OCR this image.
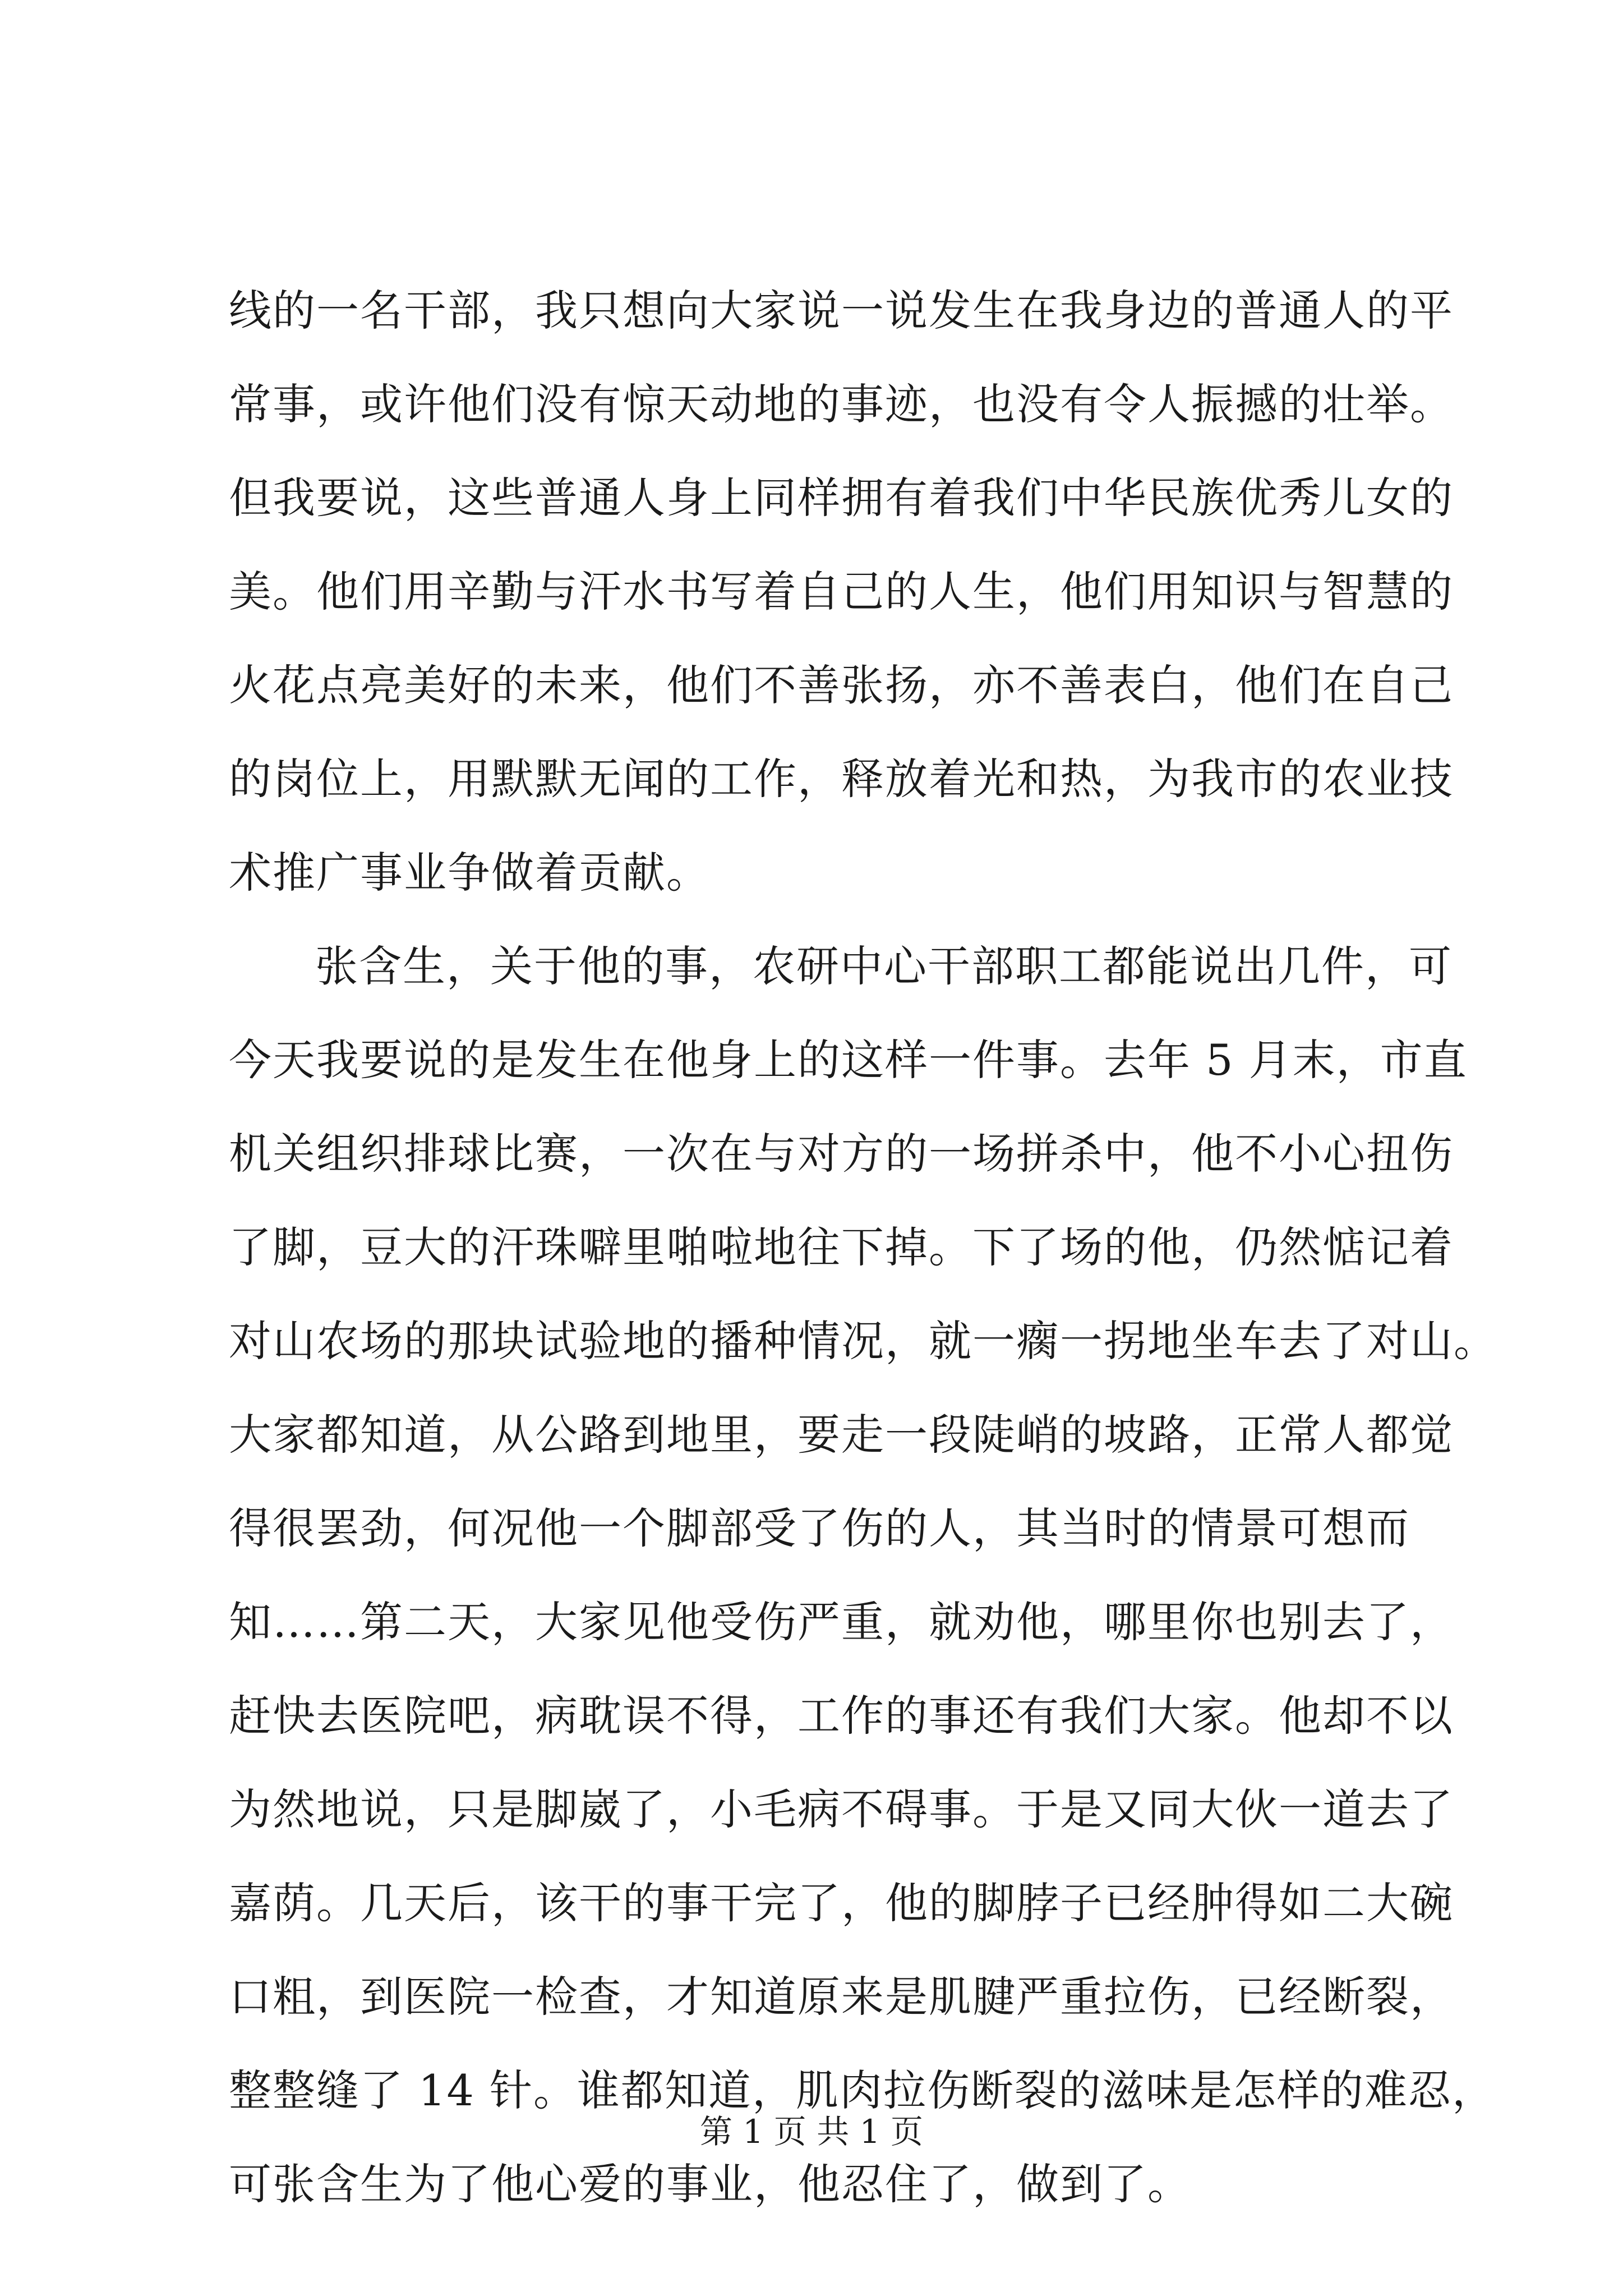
线的一名干部，我只想向大家说一说发生在我身边的普通人的平
常事，或许他们没有惊天动地的事迹，也没有令人振撼的壮举。
但我要说，这些普通人身上同样拥有着我们中华民族优秀儿女的
美。他们用辛勤与汗水书写着自己的人生，他们用知识与智慧的
火花点亮美好的未来，他们不善张扬，亦不善表白，他们在自己
的岗位上，用默默无闻的工作，释放着光和热，为我市的农业技
术推广事业争做着贡献。
张含生，关于他的事，农研中心干部职工都能说出几件，可
今天我要说的是发生在他身上的这样一件事。去年 5 月末，市直
机关组织排球比赛，一次在与对方的一场拼杀中，他不小心扭伤
了脚，豆大的汗珠噼里啪啦地往下掉。下了场的他，仍然惦记着
对山农场的那块试验地的播种情况，就一瘸一拐地坐车去了对山。
大家都知道，从公路到地里，要走一段陡峭的坡路，正常人都觉
得很罢劲，何况他一个脚部受了伤的人，其当时的情景可想而
知……第二天，大家见他受伤严重，就劝他，哪里你也别去了，
赶快去医院吧，病耽误不得，工作的事还有我们大家。他却不以
为然地说，只是脚崴了，小毛病不碍事。于是又同大伙一道去了
嘉荫。几天后，该干的事干完了，他的脚脖子已经肿得如二大碗
口粗，到医院一检查，才知道原来是肌腱严重拉伤，已经断裂，
整整缝了 14 针。谁都知道，肌肉拉伤断裂的滋味是怎样的难忍，
可张含生为了他心爱的事业，他忍住了，做到了。
第 1 页 共 1 页
